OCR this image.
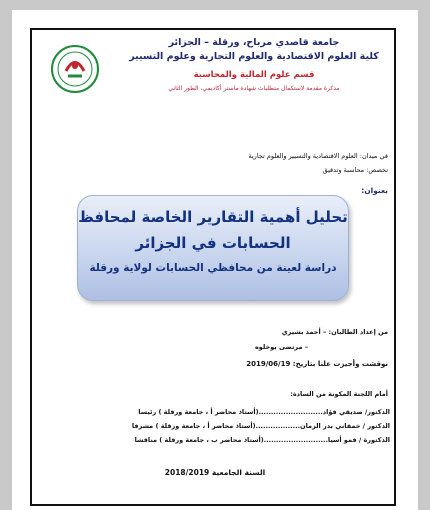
جامعة قاصدي مرباح، ورقلة – الجزائر
كلية العلوم الاقتصادية والعلوم التجارية وعلوم التسيير
قسم علوم المالية والمحاسبة
مذكرة مقدمة لاستكمال متطلبات شهادة ماستر أكاديمي، الطور الثاني
في ميدان: العلوم الاقتصادية والتسيير والعلوم تجارية
تخصص: محاسبة وتدقيق
بعنوان:
تحليل أهمية التقارير الخاصة لمحافظ
الحسابات في الجزائر
دراسة لعينة من محافظي الحسابات لولاية ورقلة
من إعداد الطالبان: – أحمد بشيري
– مرتضى بوخلوه
نوقشت وأجيزت علنا بتاريخ: 2019/06/19
أمام اللجنة المكونة من السادة:
الدكتور/ صديقي فؤاد..........................(أستاذ محاضر أ ، جامعة ورقلة ) رئيسا
الدكتور / خمقاني بدر الزمان..................(أستاذ محاضر أ ، جامعة ورقلة ) مشرفا
الدكتورة / قمو أسيا..........................(أستاذ محاضر ب ، جامعة ورقلة ) مناقشا
السنة الجامعية 2018/2019
